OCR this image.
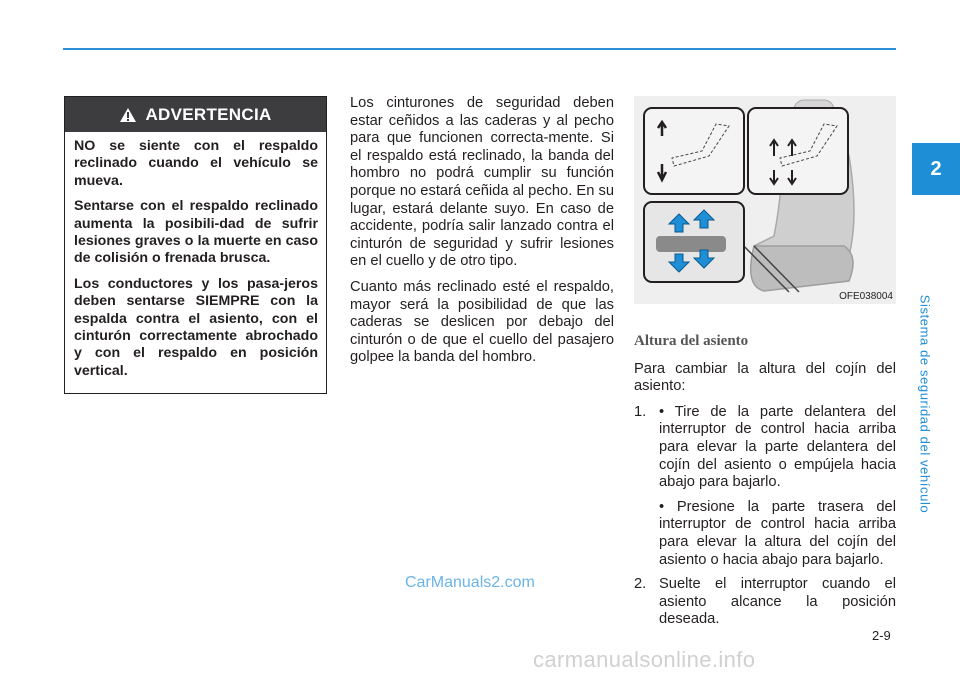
2
Sistema de seguridad del vehículo
ADVERTENCIA

NO se siente con el respaldo reclinado cuando el vehículo se mueva.

Sentarse con el respaldo reclinado aumenta la posibili-dad de sufrir lesiones graves o la muerte en caso de colisión o frenada brusca.

Los conductores y los pasa-jeros deben sentarse SIEMPRE con la espalda contra el asiento, con el cinturón correctamente abrochado y con el respaldo en posición vertical.

Los cinturones de seguridad deben estar ceñidos a las caderas y al pecho para que funcionen correcta-mente. Si el respaldo está reclinado, la banda del hombro no podrá cumplir su función porque no estará ceñida al pecho. En su lugar, estará delante suyo. En caso de accidente, podría salir lanzado contra el cinturón de seguridad y sufrir lesiones en el cuello y de otro tipo.

Cuanto más reclinado esté el respaldo, mayor será la posibilidad de que las caderas se deslicen por debajo del cinturón o de que el cuello del pasajero golpee la banda del hombro.

OFE038004
Altura del asiento

Para cambiar la altura del cojín del asiento:

1. • Tire de la parte delantera del interruptor de control hacia arriba para elevar la parte delantera del cojín del asiento o empújela hacia abajo para bajarlo.
• Presione la parte trasera del interruptor de control hacia arriba para elevar la altura del cojín del asiento o hacia abajo para bajarlo.
2. Suelte el interruptor cuando el asiento alcance la posición deseada.
CarManuals2.com
2-9
carmanualsonline.info
